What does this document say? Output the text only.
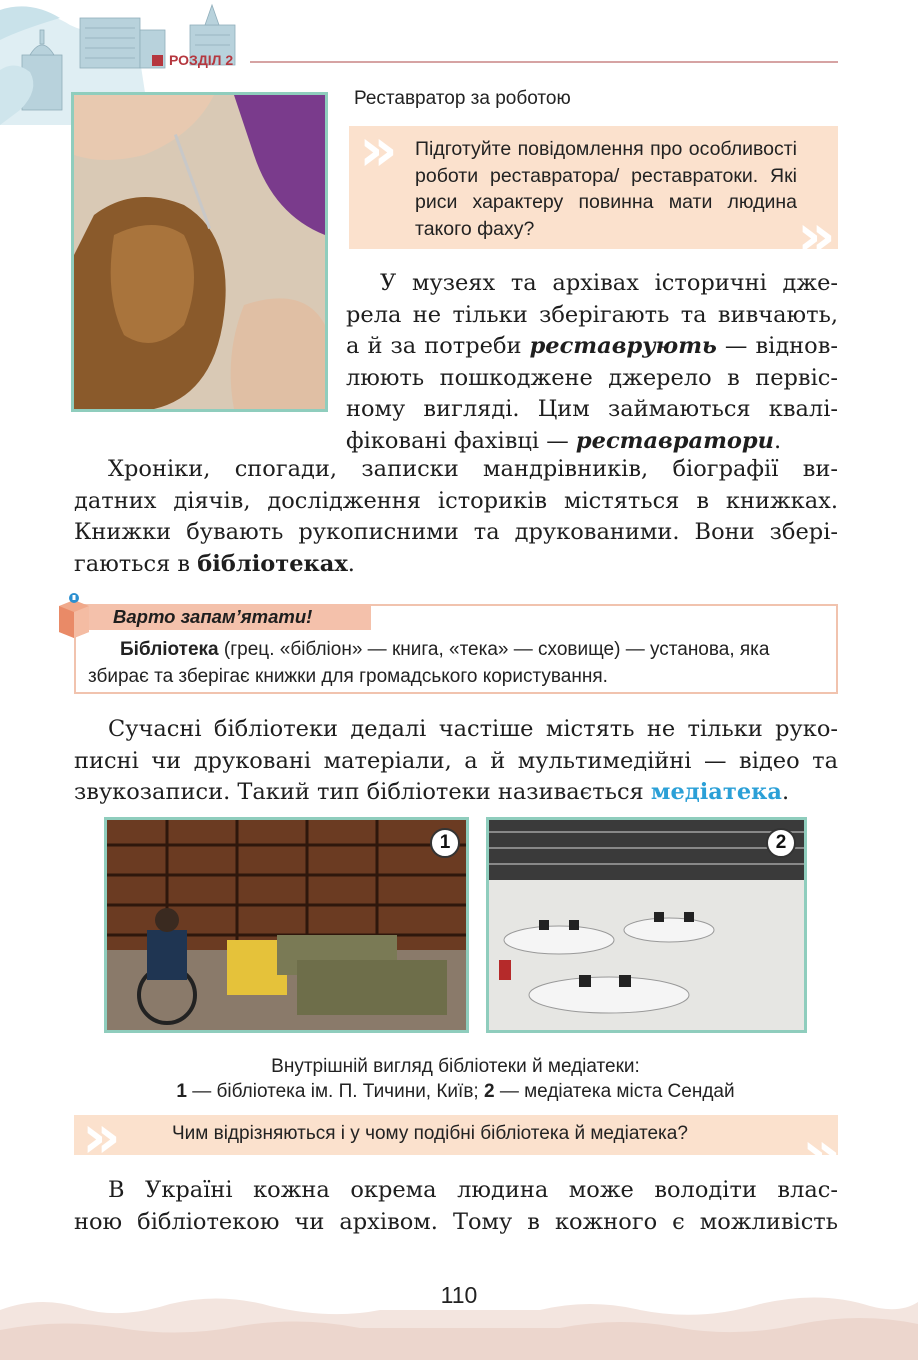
РОЗДІЛ 2
Реставратор за роботою
» Підготуйте повідомлення про особливості роботи реставратора/ реставратоки. Які риси характеру повинна мати людина такого фаху?	»
У музеях та архівах історичні дже-
рела не тільки зберігають та вивчають,
а й за потреби реставрують — віднов-
люють пошкоджене джерело в первіс-
ному вигляді. Цим займаються квалі-
фіковані фахівці — реставратори.
Хроніки, спогади, записки мандрівників, біографії ви-
датних діячів, дослідження істориків містяться в книжках.
Книжки бувають рукописними та друкованими. Вони збері-
гаються в бібліотеках.
Варто запам’ятати!
Бібліотека (грец. «бібліон» — книга, «тека» — сховище) — установа, яка збирає та зберігає книжки для громадського користування.
Сучасні бібліотеки дедалі частіше містять не тільки руко-
писні чи друковані матеріали, а й мультимедійні — відео та
звукозаписи. Такий тип бібліотеки називається медіатека.
1	2
Внутрішній вигляд бібліотеки й медіатеки:
1 — бібліотека ім. П. Тичини, Київ; 2 — медіатека міста Сендай
»	Чим відрізняються і у чому подібні бібліотека й медіатека? »
В Україні кожна окрема людина може володіти влас-
ною бібліотекою чи архівом. Тому в кожного є можливість
110
